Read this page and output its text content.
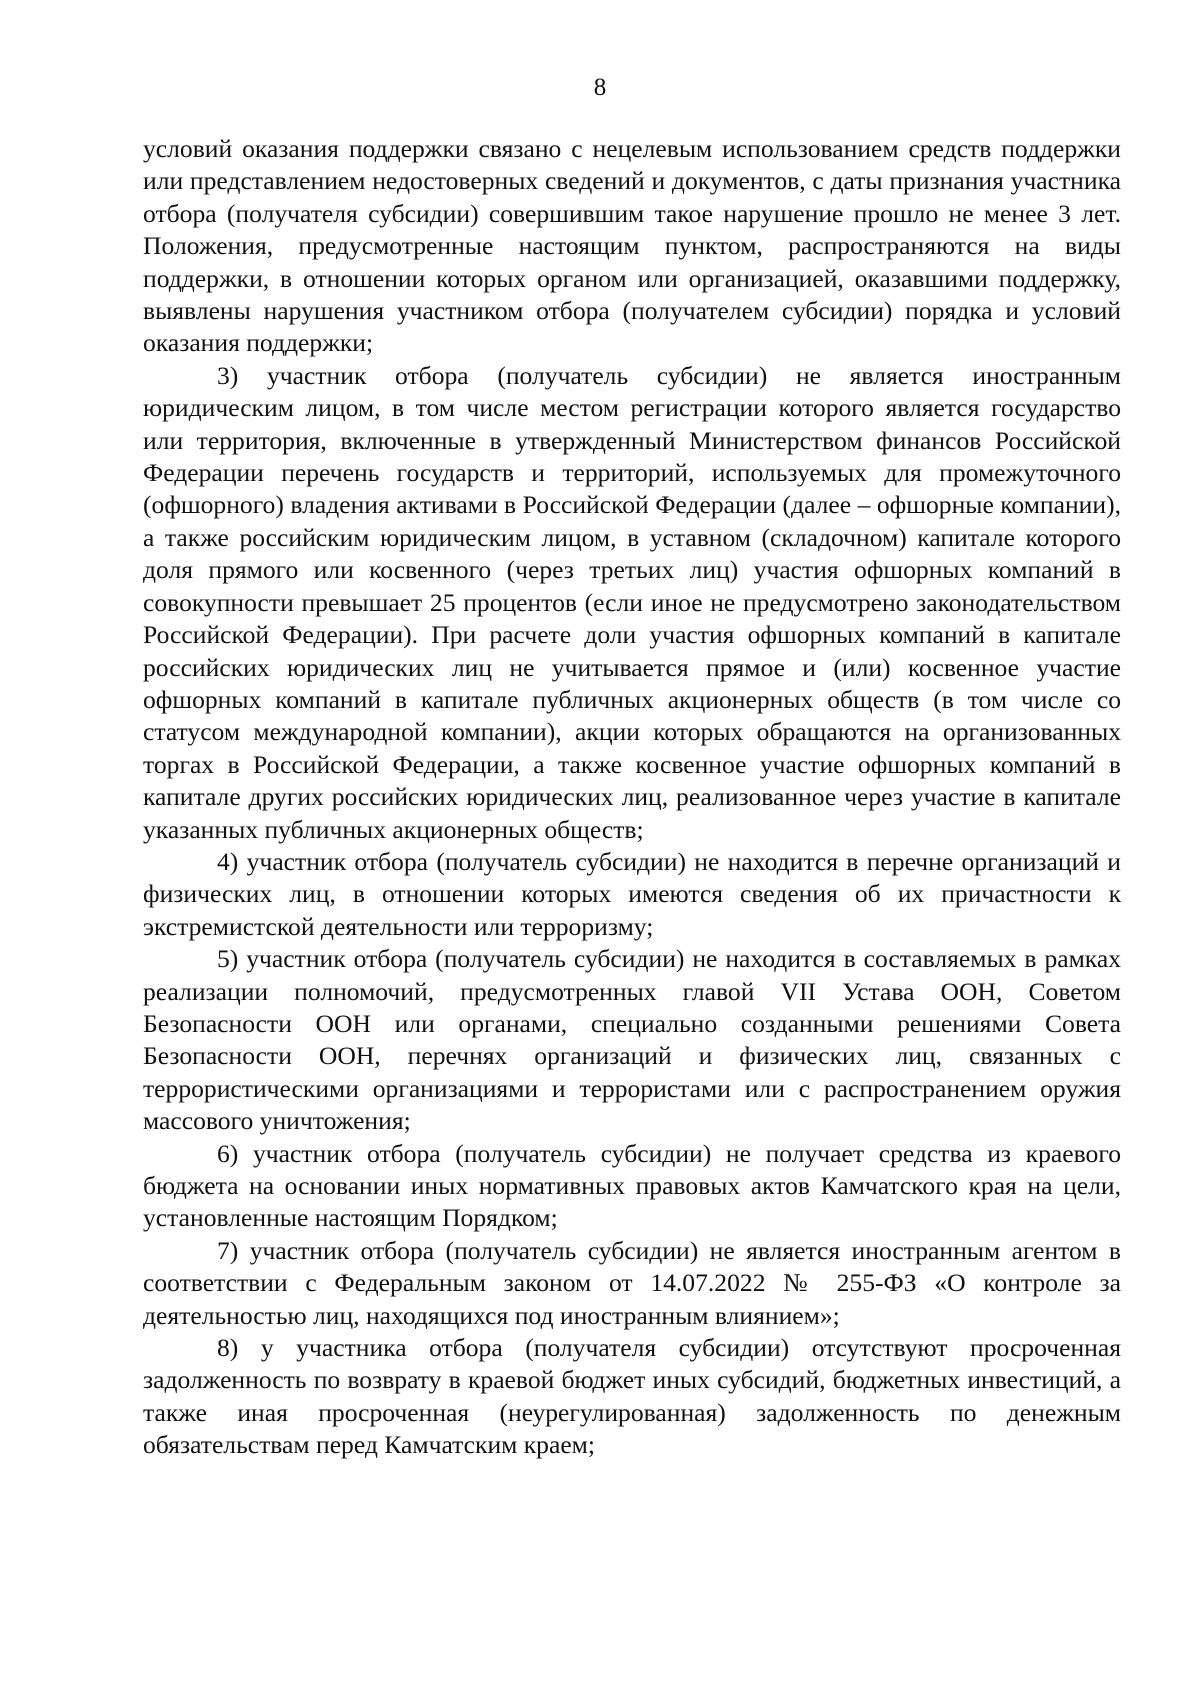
8

условий оказания поддержки связано с нецелевым использованием средств поддержки или представлением недостоверных сведений и документов, с даты признания участника отбора (получателя субсидии) совершившим такое нарушение прошло не менее 3 лет. Положения, предусмотренные настоящим пунктом, распространяются на виды поддержки, в отношении которых органом или организацией, оказавшими поддержку, выявлены нарушения участником отбора (получателем субсидии) порядка и условий оказания поддержки;

3) участник отбора (получатель субсидии) не является иностранным юридическим лицом, в том числе местом регистрации которого является государство или территория, включенные в утвержденный Министерством финансов Российской Федерации перечень государств и территорий, используемых для промежуточного (офшорного) владения активами в Российской Федерации (далее – офшорные компании), а также российским юридическим лицом, в уставном (складочном) капитале которого доля прямого или косвенного (через третьих лиц) участия офшорных компаний в совокупности превышает 25 процентов (если иное не предусмотрено законодательством Российской Федерации). При расчете доли участия офшорных компаний в капитале российских юридических лиц не учитывается прямое и (или) косвенное участие офшорных компаний в капитале публичных акционерных обществ (в том числе со статусом международной компании), акции которых обращаются на организованных торгах в Российской Федерации, а также косвенное участие офшорных компаний в капитале других российских юридических лиц, реализованное через участие в капитале указанных публичных акционерных обществ;

4) участник отбора (получатель субсидии) не находится в перечне организаций и физических лиц, в отношении которых имеются сведения об их причастности к экстремистской деятельности или терроризму;

5) участник отбора (получатель субсидии) не находится в составляемых в рамках реализации полномочий, предусмотренных главой VII Устава ООН, Советом Безопасности ООН или органами, специально созданными решениями Совета Безопасности ООН, перечнях организаций и физических лиц, связанных с террористическими организациями и террористами или с распространением оружия массового уничтожения;

6) участник отбора (получатель субсидии) не получает средства из краевого бюджета на основании иных нормативных правовых актов Камчатского края на цели, установленные настоящим Порядком;

7) участник отбора (получатель субсидии) не является иностранным агентом в соответствии с Федеральным законом от 14.07.2022 № 255-ФЗ «О контроле за деятельностью лиц, находящихся под иностранным влиянием»;

8) у участника отбора (получателя субсидии) отсутствуют просроченная задолженность по возврату в краевой бюджет иных субсидий, бюджетных инвестиций, а также иная просроченная (неурегулированная) задолженность по денежным обязательствам перед Камчатским краем;
